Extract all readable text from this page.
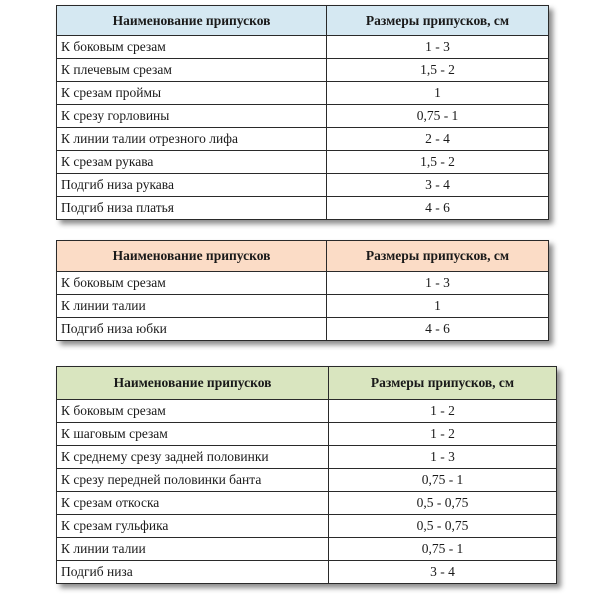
Наименование припусков	Размеры припусков, см
К боковым срезам	1 - 3
К плечевым срезам	1,5 - 2
К срезам проймы	1
К срезу горловины	0,75 - 1
К линии талии отрезного лифа	2 - 4
К срезам рукава	1,5 - 2
Подгиб низа рукава	3 - 4
Подгиб низа платья	4 - 6
Наименование припусков	Размеры припусков, см
К боковым срезам	1 - 3
К линии талии	1
Подгиб низа юбки	4 - 6
Наименование припусков	Размеры припусков, см
К боковым срезам	1 - 2
К шаговым срезам	1 - 2
К среднему срезу задней половинки	1 - 3
К срезу передней половинки банта	0,75 - 1
К срезам откоска	0,5 - 0,75
К срезам гульфика	0,5 - 0,75
К линии талии	0,75 - 1
Подгиб низа	3 - 4
